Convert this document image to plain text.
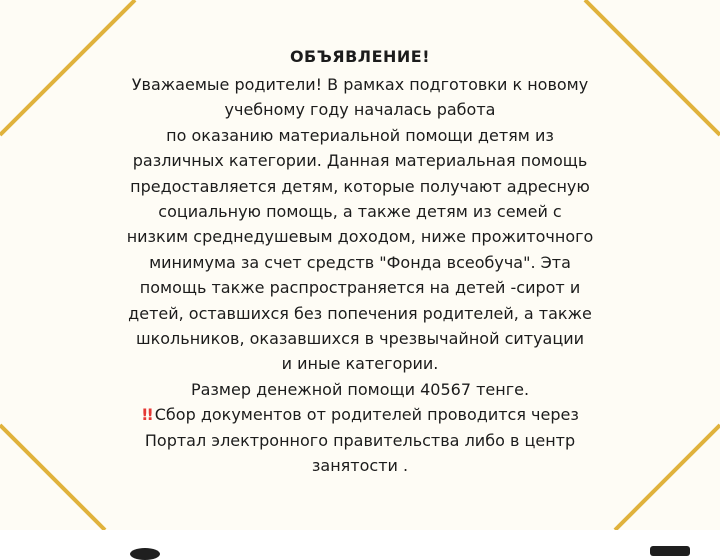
ОБЪЯВЛЕНИЕ!

Уважаемые родители! В рамках подготовки к новому

учебному году началась работа

по оказанию материальной помощи детям из

различных категории. Данная материальная помощь

предоставляется детям, которые получают адресную

социальную помощь, а также детям из семей с

низким среднедушевым доходом, ниже прожиточного

минимума за счет средств "Фонда всеобуча". Эта

помощь также распространяется на детей -сирот и

детей, оставшихся без попечения родителей, а также

школьников, оказавшихся в чрезвычайной ситуации

и иные категории.

Размер денежной помощи 40567 тенге.

!! Сбор документов от родителей проводится через

Портал электронного правительства либо в центр

занятости .
